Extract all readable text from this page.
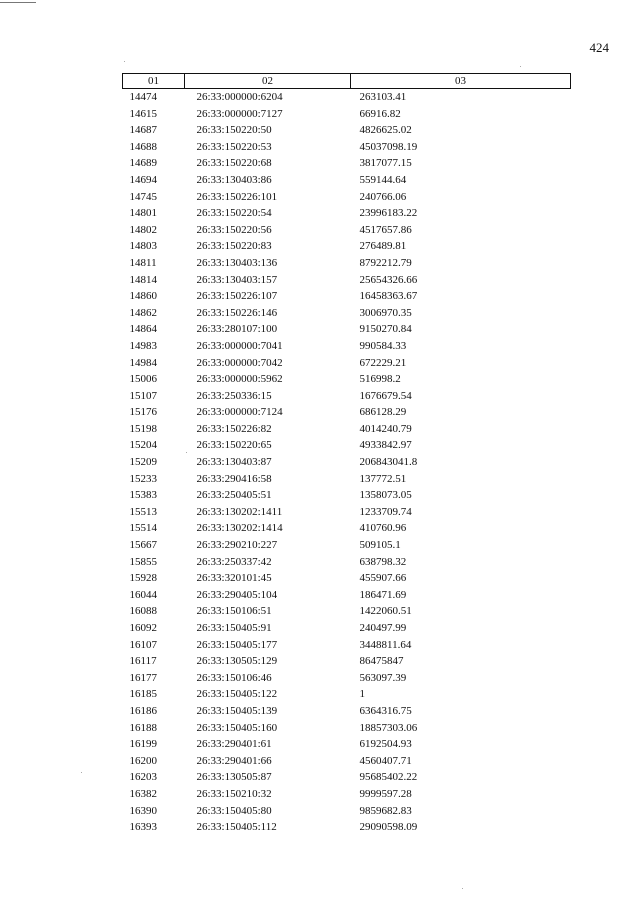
424
01	02	03
14474	26:33:000000:6204	263103.41
14615	26:33:000000:7127	66916.82
14687	26:33:150220:50	4826625.02
14688	26:33:150220:53	45037098.19
14689	26:33:150220:68	3817077.15
14694	26:33:130403:86	559144.64
14745	26:33:150226:101	240766.06
14801	26:33:150220:54	23996183.22
14802	26:33:150220:56	4517657.86
14803	26:33:150220:83	276489.81
14811	26:33:130403:136	8792212.79
14814	26:33:130403:157	25654326.66
14860	26:33:150226:107	16458363.67
14862	26:33:150226:146	3006970.35
14864	26:33:280107:100	9150270.84
14983	26:33:000000:7041	990584.33
14984	26:33:000000:7042	672229.21
15006	26:33:000000:5962	516998.2
15107	26:33:250336:15	1676679.54
15176	26:33:000000:7124	686128.29
15198	26:33:150226:82	4014240.79
15204	26:33:150220:65	4933842.97
15209	26:33:130403:87	206843041.8
15233	26:33:290416:58	137772.51
15383	26:33:250405:51	1358073.05
15513	26:33:130202:1411	1233709.74
15514	26:33:130202:1414	410760.96
15667	26:33:290210:227	509105.1
15855	26:33:250337:42	638798.32
15928	26:33:320101:45	455907.66
16044	26:33:290405:104	186471.69
16088	26:33:150106:51	1422060.51
16092	26:33:150405:91	240497.99
16107	26:33:150405:177	3448811.64
16117	26:33:130505:129	86475847
16177	26:33:150106:46	563097.39
16185	26:33:150405:122	1
16186	26:33:150405:139	6364316.75
16188	26:33:150405:160	18857303.06
16199	26:33:290401:61	6192504.93
16200	26:33:290401:66	4560407.71
16203	26:33:130505:87	95685402.22
16382	26:33:150210:32	9999597.28
16390	26:33:150405:80	9859682.83
16393	26:33:150405:112	29090598.09
